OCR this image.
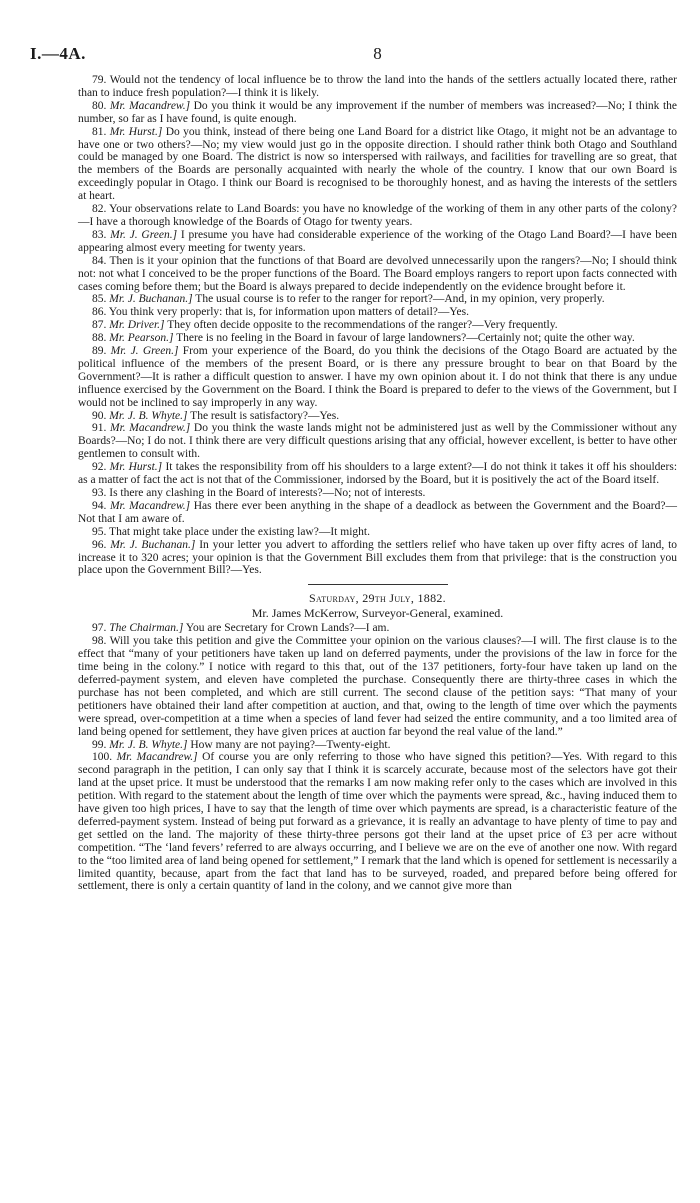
I.—4A.	8

79. Would not the tendency of local influence be to throw the land into the hands of the settlers actually located there, rather than to induce fresh population?—I think it is likely.

80. Mr. Macandrew.] Do you think it would be any improvement if the number of members was increased?—No; I think the number, so far as I have found, is quite enough.

81. Mr. Hurst.] Do you think, instead of there being one Land Board for a district like Otago, it might not be an advantage to have one or two others?—No; my view would just go in the opposite direction. I should rather think both Otago and Southland could be managed by one Board. The district is now so interspersed with railways, and facilities for travelling are so great, that the members of the Boards are personally acquainted with nearly the whole of the country. I know that our own Board is exceedingly popular in Otago. I think our Board is recognised to be thoroughly honest, and as having the interests of the settlers at heart.

82. Your observations relate to Land Boards: you have no knowledge of the working of them in any other parts of the colony?—I have a thorough knowledge of the Boards of Otago for twenty years.

83. Mr. J. Green.] I presume you have had considerable experience of the working of the Otago Land Board?—I have been appearing almost every meeting for twenty years.

84. Then is it your opinion that the functions of that Board are devolved unnecessarily upon the rangers?—No; I should think not: not what I conceived to be the proper functions of the Board. The Board employs rangers to report upon facts connected with cases coming before them; but the Board is always prepared to decide independently on the evidence brought before it.

85. Mr. J. Buchanan.] The usual course is to refer to the ranger for report?—And, in my opinion, very properly.

86. You think very properly: that is, for information upon matters of detail?—Yes.

87. Mr. Driver.] They often decide opposite to the recommendations of the ranger?—Very frequently.

88. Mr. Pearson.] There is no feeling in the Board in favour of large landowners?—Certainly not; quite the other way.

89. Mr. J. Green.] From your experience of the Board, do you think the decisions of the Otago Board are actuated by the political influence of the members of the present Board, or is there any pressure brought to bear on that Board by the Government?—It is rather a difficult question to answer. I have my own opinion about it. I do not think that there is any undue influence exercised by the Government on the Board. I think the Board is prepared to defer to the views of the Government, but I would not be inclined to say improperly in any way.

90. Mr. J. B. Whyte.] The result is satisfactory?—Yes.

91. Mr. Macandrew.] Do you think the waste lands might not be administered just as well by the Commissioner without any Boards?—No; I do not. I think there are very difficult questions arising that any official, however excellent, is better to have other gentlemen to consult with.

92. Mr. Hurst.] It takes the responsibility from off his shoulders to a large extent?—I do not think it takes it off his shoulders: as a matter of fact the act is not that of the Commissioner, indorsed by the Board, but it is positively the act of the Board itself.

93. Is there any clashing in the Board of interests?—No; not of interests.

94. Mr. Macandrew.] Has there ever been anything in the shape of a deadlock as between the Government and the Board?—Not that I am aware of.

95. That might take place under the existing law?—It might.

96. Mr. J. Buchanan.] In your letter you advert to affording the settlers relief who have taken up over fifty acres of land, to increase it to 320 acres; your opinion is that the Government Bill excludes them from that privilege: that is the construction you place upon the Government Bill?—Yes.

Saturday, 29th July, 1882.

Mr. James McKerrow, Surveyor-General, examined.

97. The Chairman.] You are Secretary for Crown Lands?—I am.

98. Will you take this petition and give the Committee your opinion on the various clauses?—I will. The first clause is to the effect that “many of your petitioners have taken up land on deferred payments, under the provisions of the law in force for the time being in the colony.” I notice with regard to this that, out of the 137 petitioners, forty-four have taken up land on the deferred-payment system, and eleven have completed the purchase. Consequently there are thirty-three cases in which the purchase has not been completed, and which are still current. The second clause of the petition says: “That many of your petitioners have obtained their land after competition at auction, and that, owing to the length of time over which the payments were spread, over-competition at a time when a species of land fever had seized the entire community, and a too limited area of land being opened for settlement, they have given prices at auction far beyond the real value of the land.”

99. Mr. J. B. Whyte.] How many are not paying?—Twenty-eight.

100. Mr. Macandrew.] Of course you are only referring to those who have signed this petition?—Yes. With regard to this second paragraph in the petition, I can only say that I think it is scarcely accurate, because most of the selectors have got their land at the upset price. It must be understood that the remarks I am now making refer only to the cases which are involved in this petition. With regard to the statement about the length of time over which the payments were spread, &c., having induced them to have given too high prices, I have to say that the length of time over which payments are spread, is a characteristic feature of the deferred-payment system. Instead of being put forward as a grievance, it is really an advantage to have plenty of time to pay and get settled on the land. The majority of these thirty-three persons got their land at the upset price of £3 per acre without competition. “The ‘land fevers’ referred to are always occurring, and I believe we are on the eve of another one now. With regard to the “too limited area of land being opened for settlement,” I remark that the land which is opened for settlement is necessarily a limited quantity, because, apart from the fact that land has to be surveyed, roaded, and prepared before being offered for settlement, there is only a certain quantity of land in the colony, and we cannot give more than
